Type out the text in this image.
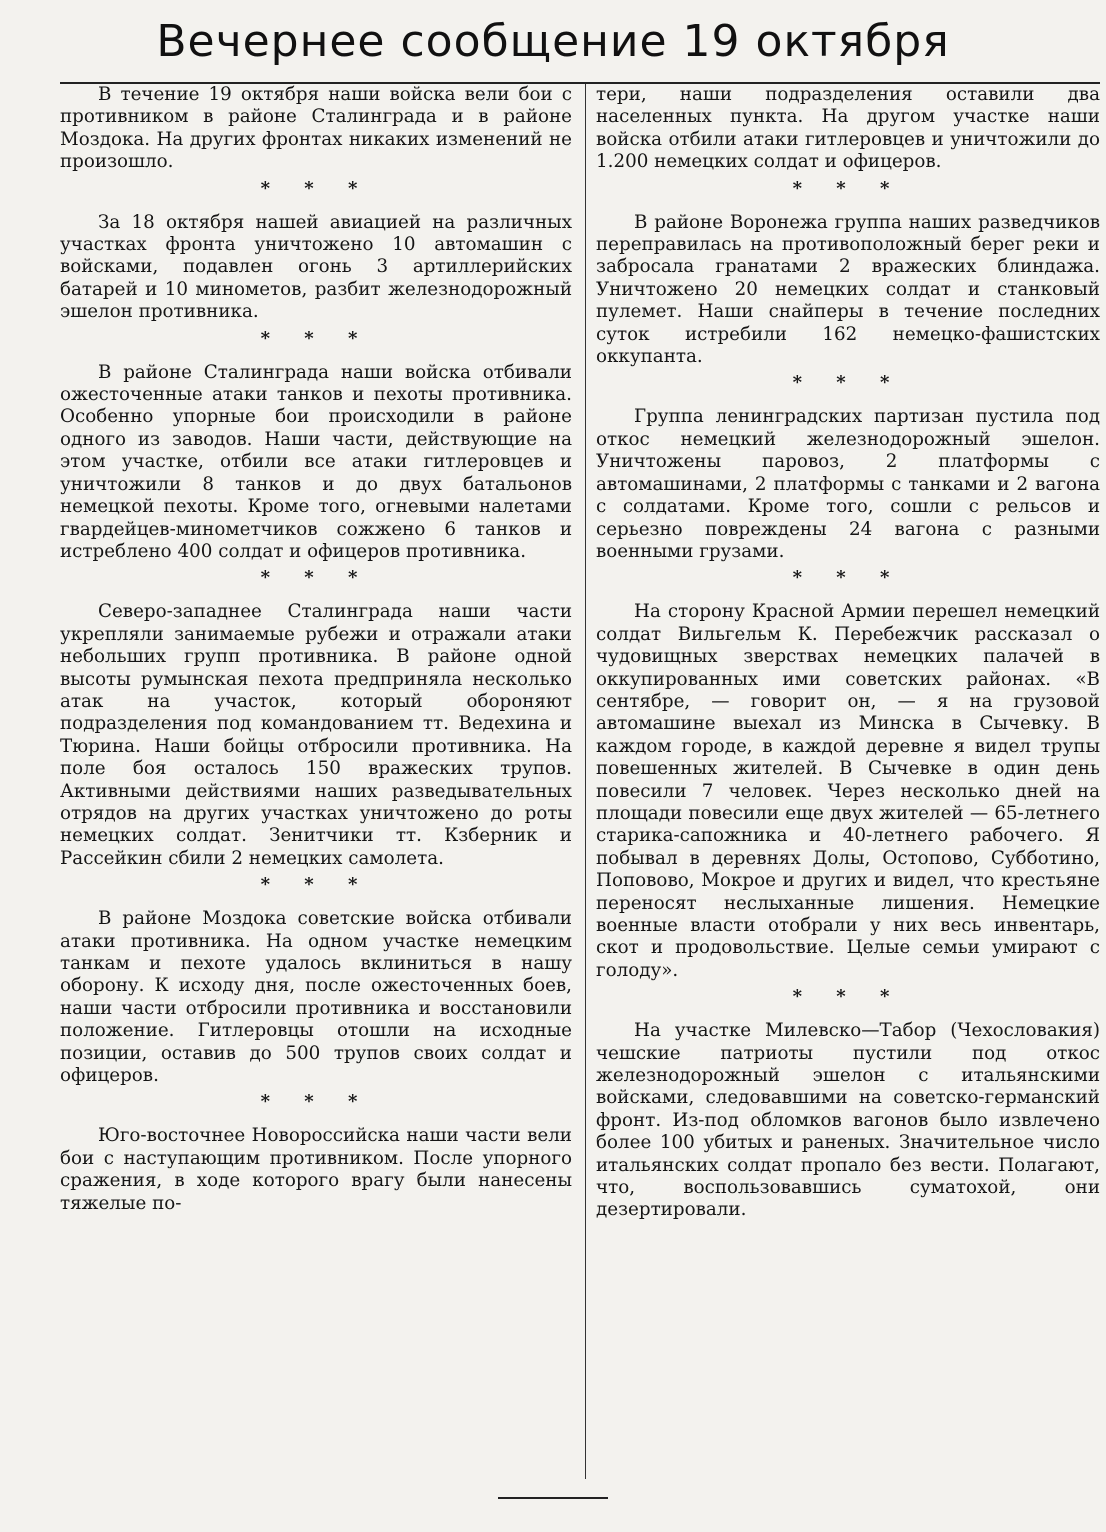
Вечернее сообщение 19 октября

В течение 19 октября наши войска вели бои с противником в районе Сталинграда и в районе Моздока. На других фронтах никаких изменений не произошло.

* * *

За 18 октября нашей авиацией на различных участках фронта уничтожено 10 автомашин с войсками, подавлен огонь 3 артиллерийских батарей и 10 минометов, разбит железнодорожный эшелон противника.

* * *

В районе Сталинграда наши войска отбивали ожесточенные атаки танков и пехоты противника. Особенно упорные бои происходили в районе одного из заводов. Наши части, действующие на этом участке, отбили все атаки гитлеровцев и уничтожили 8 танков и до двух батальонов немецкой пехоты. Кроме того, огневыми налетами гвардейцев-минометчиков сожжено 6 танков и истреблено 400 солдат и офицеров противника.

* * *

Северо-западнее Сталинграда наши части укрепляли занимаемые рубежи и отражали атаки небольших групп противника. В районе одной высоты румынская пехота предприняла несколько атак на участок, который обороняют подразделения под командованием тт. Ведехина и Тюрина. Наши бойцы отбросили противника. На поле боя осталось 150 вражеских трупов. Активными действиями наших разведывательных отрядов на других участках уничтожено до роты немецких солдат. Зенитчики тт. Кзберник и Рассейкин сбили 2 немецких самолета.

* * *

В районе Моздока советские войска отбивали атаки противника. На одном участке немецким танкам и пехоте удалось вклиниться в нашу оборону. К исходу дня, после ожесточенных боев, наши части отбросили противника и восстановили положение. Гитлеровцы отошли на исходные позиции, оставив до 500 трупов своих солдат и офицеров.

* * *

Юго-восточнее Новороссийска наши части вели бои с наступающим противником. После упорного сражения, в ходе которого врагу были нанесены тяжелые по-

тери, наши подразделения оставили два населенных пункта. На другом участке наши войска отбили атаки гитлеровцев и уничтожили до 1.200 немецких солдат и офицеров.

* * *

В районе Воронежа группа наших разведчиков переправилась на противоположный берег реки и забросала гранатами 2 вражеских блиндажа. Уничтожено 20 немецких солдат и станковый пулемет. Наши снайперы в течение последних суток истребили 162 немецко-фашистских оккупанта.

* * *

Группа ленинградских партизан пустила под откос немецкий железнодорожный эшелон. Уничтожены паровоз, 2 платформы с автомашинами, 2 платформы с танками и 2 вагона с солдатами. Кроме того, сошли с рельсов и серьезно повреждены 24 вагона с разными военными грузами.

* * *

На сторону Красной Армии перешел немецкий солдат Вильгельм К. Перебежчик рассказал о чудовищных зверствах немецких палачей в оккупированных ими советских районах. «В сентябре, — говорит он, — я на грузовой автомашине выехал из Минска в Сычевку. В каждом городе, в каждой деревне я видел трупы повешенных жителей. В Сычевке в один день повесили 7 человек. Через несколько дней на площади повесили еще двух жителей — 65-летнего старика-сапожника и 40-летнего рабочего. Я побывал в деревнях Долы, Остопово, Субботино, Поповово, Мокрое и других и видел, что крестьяне переносят неслыханные лишения. Немецкие военные власти отобрали у них весь инвентарь, скот и продовольствие. Целые семьи умирают с голоду».

* * *

На участке Милевско—Табор (Чехословакия) чешские патриоты пустили под откос железнодорожный эшелон с итальянскими войсками, следовавшими на советско-германский фронт. Из-под обломков вагонов было извлечено более 100 убитых и раненых. Значительное число итальянских солдат пропало без вести. Полагают, что, воспользовавшись суматохой, они дезертировали.
